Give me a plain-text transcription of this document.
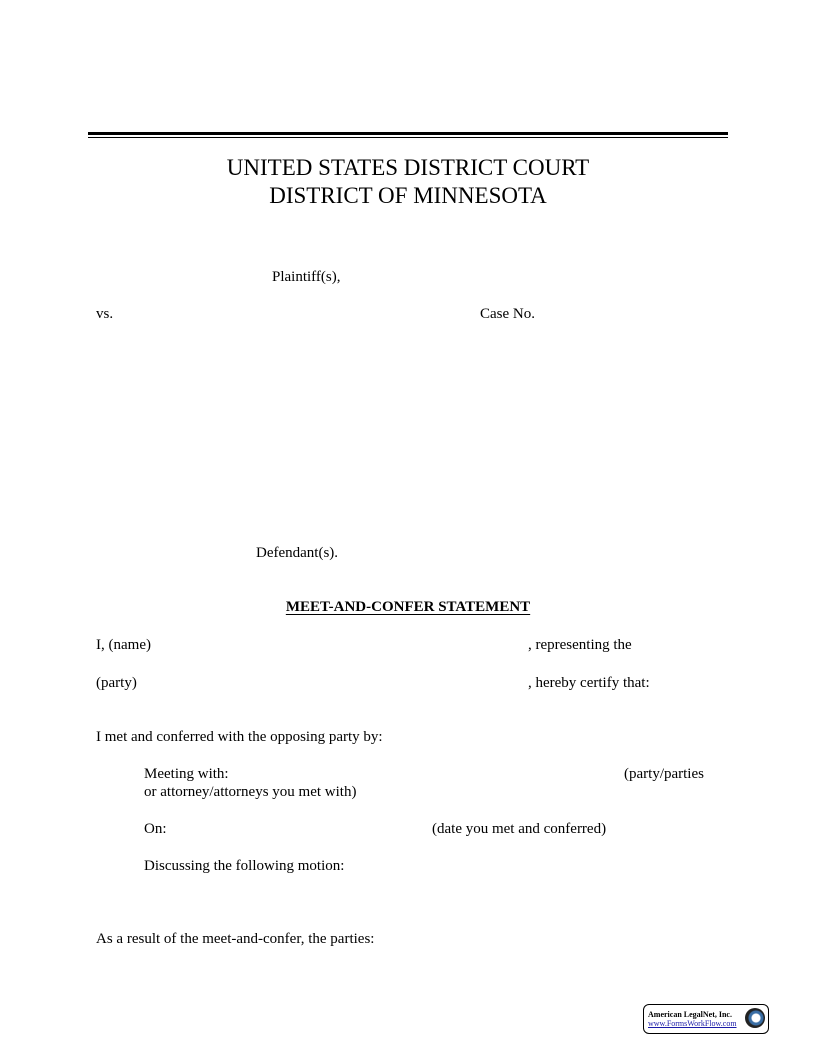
UNITED STATES DISTRICT COURT
DISTRICT OF MINNESOTA
Plaintiff(s),
vs.	Case No.
Defendant(s).
MEET-AND-CONFER STATEMENT
I, (name)	, representing the
(party)	, hereby certify that:
I met and conferred with the opposing party by:
Meeting with:	(party/parties
or attorney/attorneys you met with)
On:	(date you met and conferred)
Discussing the following motion:
As a result of the meet-and-confer, the parties:
American LegalNet, Inc.
www.FormsWorkFlow.com
